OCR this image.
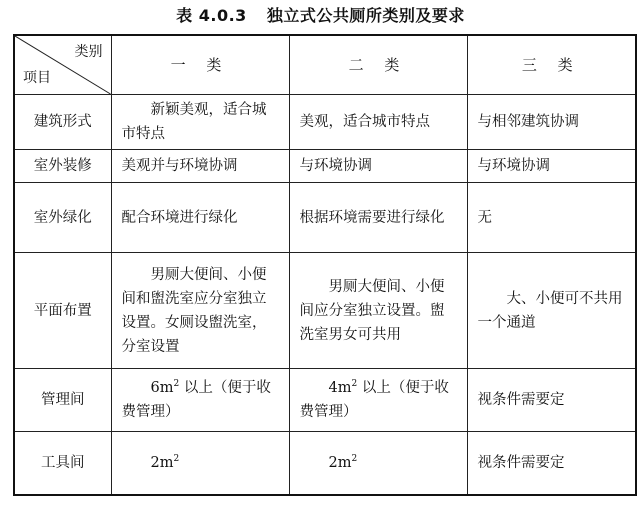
表 4.0.3 独立式公共厕所类别及要求
类别
项目	一 类	二 类	三 类
建筑形式	新颖美观，适合城市特点	美观，适合城市特点	与相邻建筑协调
室外装修	美观并与环境协调	与环境协调	与环境协调
室外绿化	配合环境进行绿化	根据环境需要进行绿化	无
平面布置	男厕大便间、小便间和盥洗室应分室独立设置。女厕设盥洗室，分室设置	男厕大便间、小便间应分室独立设置。盥洗室男女可共用	大、小便可不共用一个通道
管理间	$6m^2$ 以上（便于收费管理）	$4m^2$ 以上（便于收费管理）	视条件需要定
工具间	$2m^2$	$2m^2$	视条件需要定
